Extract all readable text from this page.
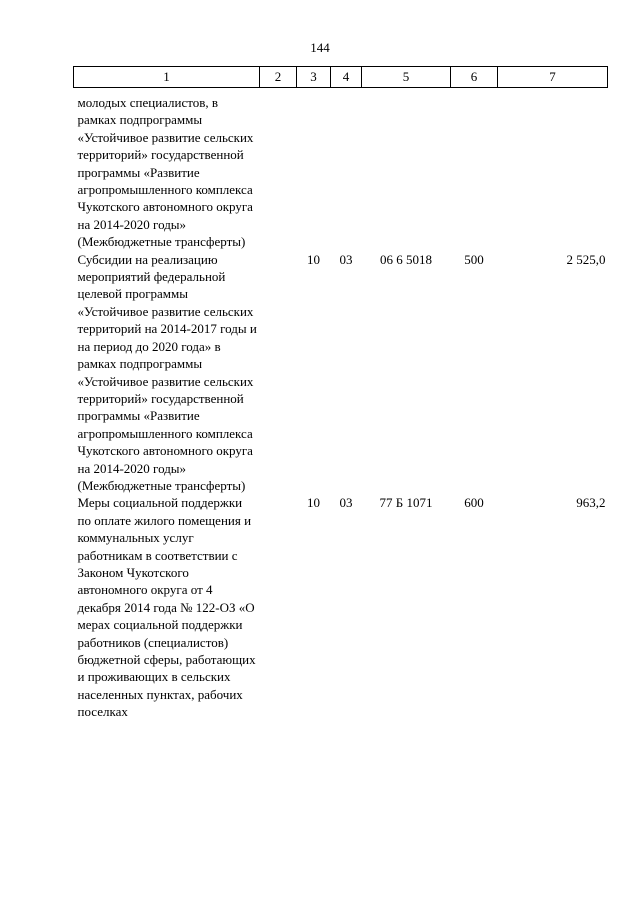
144
1	2	3	4	5	6	7
молодых специалистов, в рамках подпрограммы «Устойчивое развитие сельских территорий» государственной программы «Развитие агропромышленного комплекса Чукотского автономного округа на 2014-2020 годы» (Межбюджетные трансферты)						
Субсидии на реализацию мероприятий федеральной целевой программы «Устойчивое развитие сельских территорий на 2014-2017 годы и на период до 2020 года» в рамках подпрограммы «Устойчивое развитие сельских территорий» государственной программы «Развитие агропромышленного комплекса Чукотского автономного округа на 2014-2020 годы» (Межбюджетные трансферты)		10	03	06 6 5018	500	2 525,0
Меры социальной поддержки по оплате жилого помещения и коммунальных услуг работникам в соответствии с Законом Чукотского автономного округа от 4 декабря 2014 года № 122-ОЗ «О мерах социальной поддержки работников (специалистов) бюджетной сферы, работающих и проживающих в сельских населенных пунктах, рабочих поселках		10	03	77 Б 1071	600	963,2
